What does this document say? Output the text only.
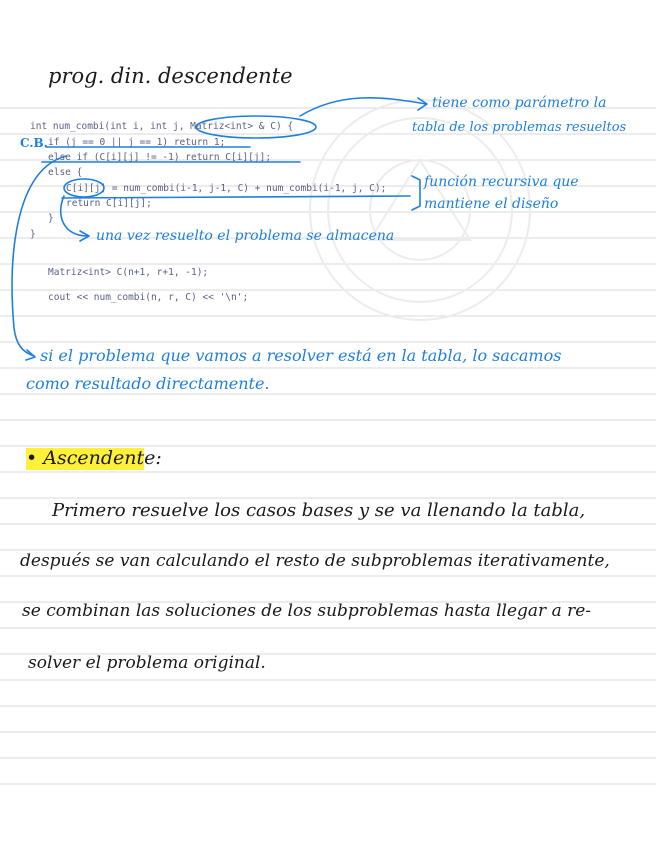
prog. din. descendente
C.B.
int num_combi(int i, int j, Matriz<int> & C) {
if (j == 0 || j == 1) return 1;
else if (C[i][j] != -1) return C[i][j];
else {
C[i][j] = num_combi(i-1, j-1, C) + num_combi(i-1, j, C);
return C[i][j];
}
}
Matriz<int> C(n+1, r+1, -1);
cout << num_combi(n, r, C) << '\n';
tiene como parámetro la
tabla de los problemas resueltos
función recursiva que
mantiene el diseño
una vez resuelto el problema se almacena
si el problema que vamos a resolver está en la tabla, lo sacamos
como resultado directamente.
• Ascendente:
Primero resuelve los casos bases y se va llenando la tabla,
después se van calculando el resto de subproblemas iterativamente,
se combinan las soluciones de los subproblemas hasta llegar a re-
solver el problema original.
